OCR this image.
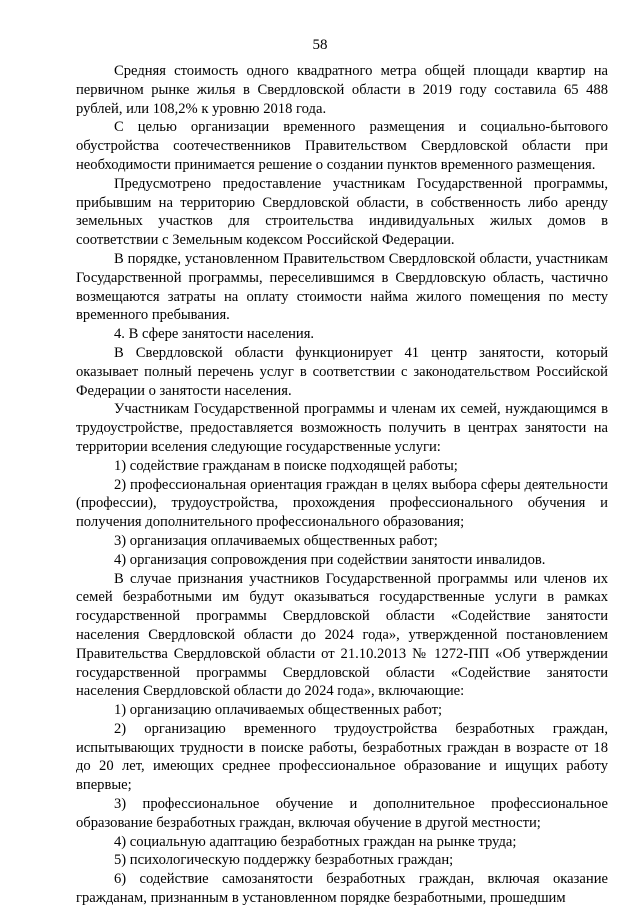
58

Средняя стоимость одного квадратного метра общей площади квартир на первичном рынке жилья в Свердловской области в 2019 году составила 65 488 рублей, или 108,2% к уровню 2018 года.

С целью организации временного размещения и социально-бытового обустройства соотечественников Правительством Свердловской области при необходимости принимается решение о создании пунктов временного размещения.

Предусмотрено предоставление участникам Государственной программы, прибывшим на территорию Свердловской области, в собственность либо аренду земельных участков для строительства индивидуальных жилых домов в соответствии с Земельным кодексом Российской Федерации.

В порядке, установленном Правительством Свердловской области, участникам Государственной программы, переселившимся в Свердловскую область, частично возмещаются затраты на оплату стоимости найма жилого помещения по месту временного пребывания.

4. В сфере занятости населения.

В Свердловской области функционирует 41 центр занятости, который оказывает полный перечень услуг в соответствии с законодательством Российской Федерации о занятости населения.

Участникам Государственной программы и членам их семей, нуждающимся в трудоустройстве, предоставляется возможность получить в центрах занятости на территории вселения следующие государственные услуги:

1) содействие гражданам в поиске подходящей работы;

2) профессиональная ориентация граждан в целях выбора сферы деятельности (профессии), трудоустройства, прохождения профессионального обучения и получения дополнительного профессионального образования;

3) организация оплачиваемых общественных работ;

4) организация сопровождения при содействии занятости инвалидов.

В случае признания участников Государственной программы или членов их семей безработными им будут оказываться государственные услуги в рамках государственной программы Свердловской области «Содействие занятости населения Свердловской области до 2024 года», утвержденной постановлением Правительства Свердловской области от 21.10.2013 № 1272-ПП «Об утверждении государственной программы Свердловской области «Содействие занятости населения Свердловской области до 2024 года», включающие:

1) организацию оплачиваемых общественных работ;

2) организацию временного трудоустройства безработных граждан, испытывающих трудности в поиске работы, безработных граждан в возрасте от 18 до 20 лет, имеющих среднее профессиональное образование и ищущих работу впервые;

3) профессиональное обучение и дополнительное профессиональное образование безработных граждан, включая обучение в другой местности;

4) социальную адаптацию безработных граждан на рынке труда;

5) психологическую поддержку безработных граждан;

6) содействие самозанятости безработных граждан, включая оказание гражданам, признанным в установленном порядке безработными, прошедшим
